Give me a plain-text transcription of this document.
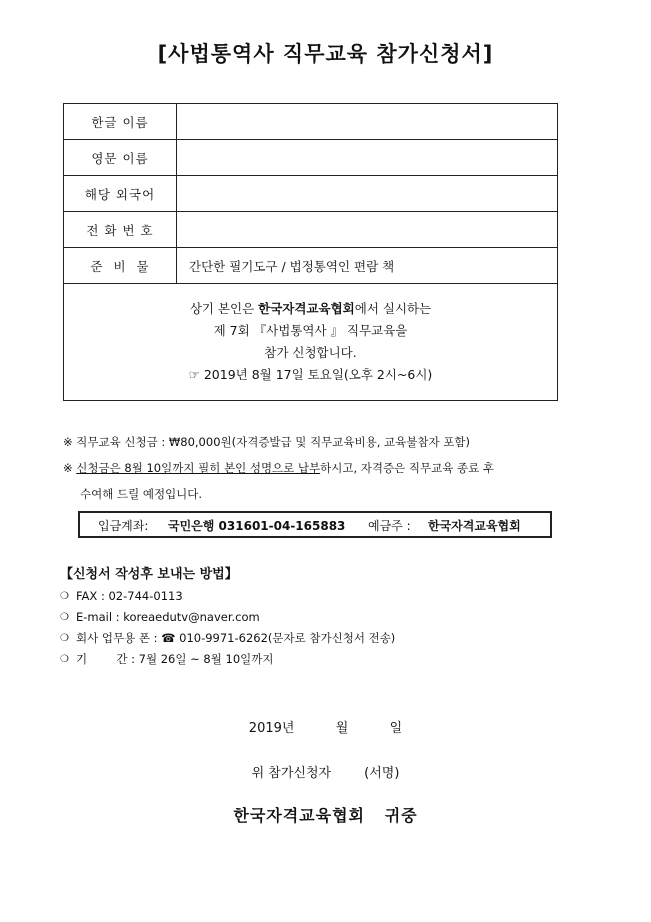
[사법통역사 직무교육 참가신청서]
한글 이름	
영문 이름	
해당 외국어	
전 화 번 호	
준  비  물	간단한 필기도구 / 법정통역인 편람 책

상기 본인은 한국자격교육협회에서 실시하는
제 7회 『사법통역사 』 직무교육을
참가 신청합니다.
☞ 2019년 8월 17일 토요일(오후 2시~6시)	
※ 직무교육 신청금 : ₩80,000원(자격증발급 및 직무교육비용, 교육불참자 포함)
※ 신청금은 8월 10일까지 필히 본인 성명으로 납부하시고, 자격증은 직무교육 종료 후
수여해 드릴 예정입니다.
입금계좌: 국민은행 031601-04-165883 예금주 : 한국자격교육협회
【신청서 작성후 보내는 방법】
❍ FAX : 02-744-0113
❍ E-mail : koreaedutv@naver.com
❍ 회사 업무용 폰 : ☎ 010-9971-6262(문자로 참가신청서 전송)
❍ 기        간 : 7월 26일 ~ 8월 10일까지
2019년          월          일
위 참가신청자        (서명)
한국자격교육협회   귀중
